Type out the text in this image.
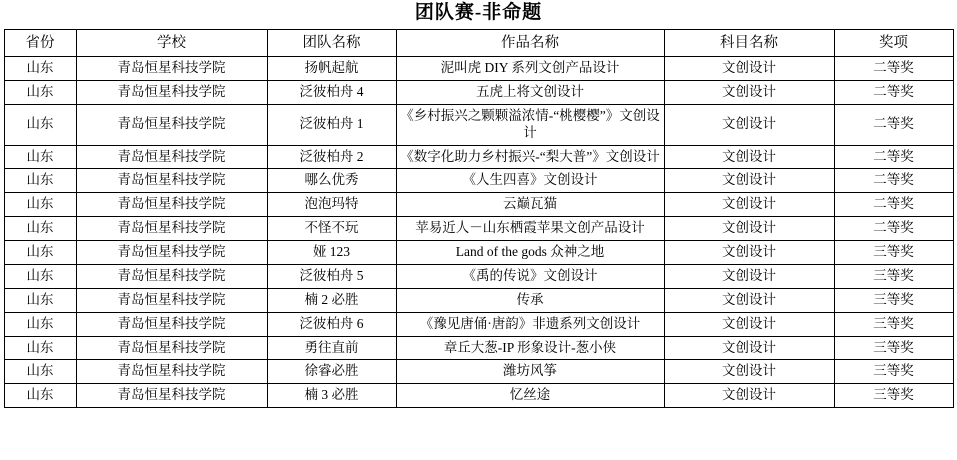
团队赛-非命题
省份	学校	团队名称	作品名称	科目名称	奖项
山东	青岛恒星科技学院	扬帆起航	泥叫虎 DIY 系列文创产品设计	文创设计	二等奖
山东	青岛恒星科技学院	泛彼柏舟 4	五虎上将文创设计	文创设计	二等奖
山东	青岛恒星科技学院	泛彼柏舟 1	《乡村振兴之颗颗溢浓情-“桃樱樱”》文创设计	文创设计	二等奖
山东	青岛恒星科技学院	泛彼柏舟 2	《数字化助力乡村振兴-“梨大普”》文创设计	文创设计	二等奖
山东	青岛恒星科技学院	哪么优秀	《人生四喜》文创设计	文创设计	二等奖
山东	青岛恒星科技学院	泡泡玛特	云巅瓦猫	文创设计	二等奖
山东	青岛恒星科技学院	不怪不玩	苹易近人－山东栖霞苹果文创产品设计	文创设计	二等奖
山东	青岛恒星科技学院	娅 123	Land of the gods 众神之地	文创设计	三等奖
山东	青岛恒星科技学院	泛彼柏舟 5	《禹的传说》文创设计	文创设计	三等奖
山东	青岛恒星科技学院	楠 2 必胜	传承	文创设计	三等奖
山东	青岛恒星科技学院	泛彼柏舟 6	《豫见唐俑·唐韵》非遗系列文创设计	文创设计	三等奖
山东	青岛恒星科技学院	勇往直前	章丘大葱-IP 形象设计-葱小侠	文创设计	三等奖
山东	青岛恒星科技学院	徐睿必胜	潍坊风筝	文创设计	三等奖
山东	青岛恒星科技学院	楠 3 必胜	忆丝途	文创设计	三等奖
